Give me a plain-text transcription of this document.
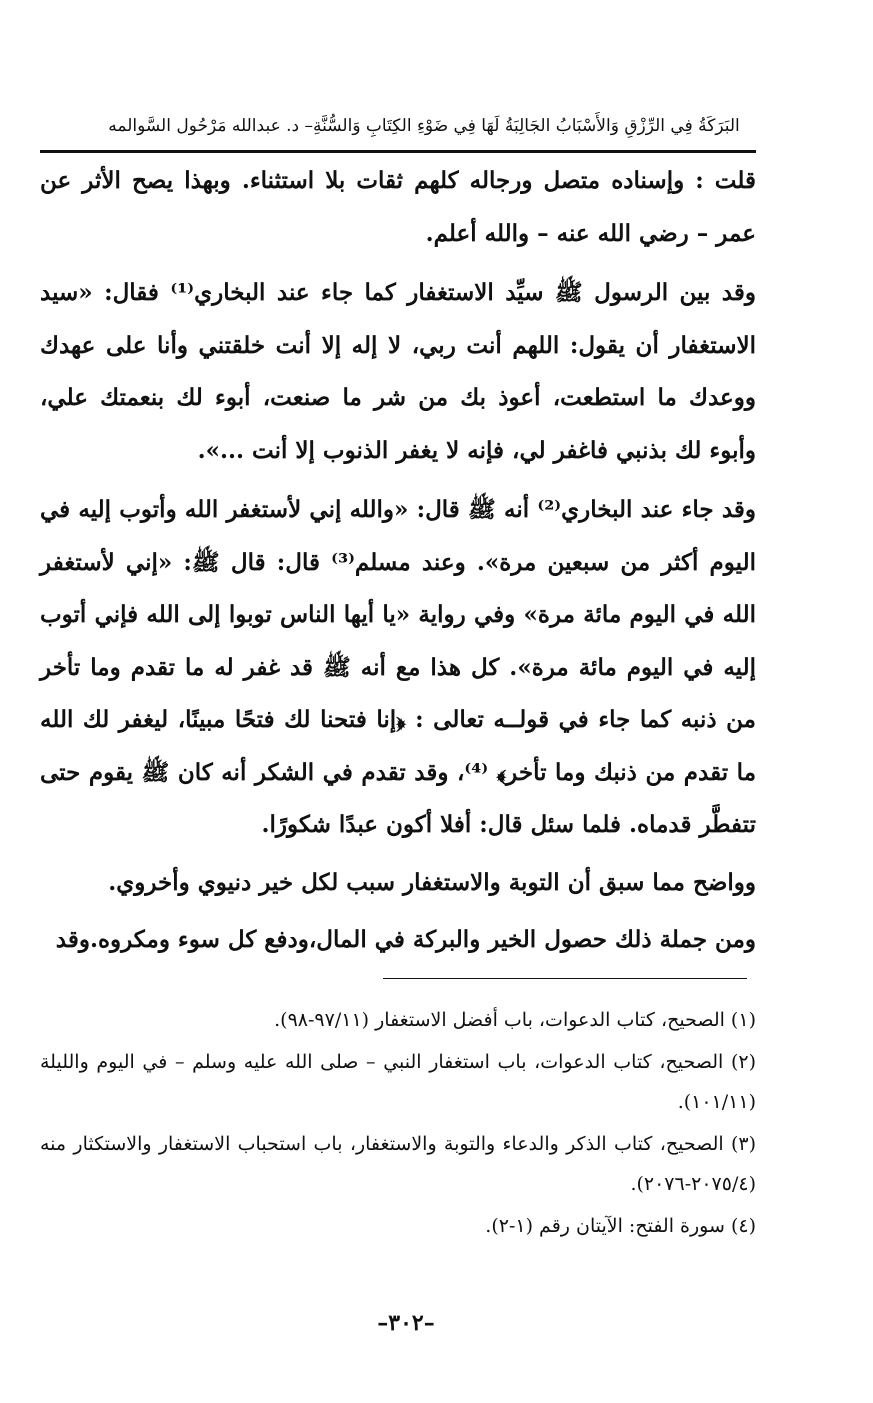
البَرَكَةُ فِي الرِّزْقِ وَالأَسْبَابُ الجَالِبَةُ لَهَا فِي ضَوْءِ الكِتَابِ وَالسُّنَّةِ– د. عبدالله مَرْحُول السَّوالمه

قلت : وإسناده متصل ورجاله كلهم ثقات بلا استثناء. وبهذا يصح الأثر عن عمر – رضي الله عنه – والله أعلم.

وقد بين الرسول ﷺ سيِّد الاستغفار كما جاء عند البخاري⁽¹⁾ فقال: «سيد الاستغفار أن يقول: اللهم أنت ربي، لا إله إلا أنت خلقتني وأنا على عهدك ووعدك ما استطعت، أعوذ بك من شر ما صنعت، أبوء لك بنعمتك علي، وأبوء لك بذنبي فاغفر لي، فإنه لا يغفر الذنوب إلا أنت ...».

وقد جاء عند البخاري⁽²⁾ أنه ﷺ قال: «والله إني لأستغفر الله وأتوب إليه في اليوم أكثر من سبعين مرة». وعند مسلم⁽³⁾ قال: قال ﷺ: «إني لأستغفر الله في اليوم مائة مرة» وفي رواية «يا أيها الناس توبوا إلى الله فإني أتوب إليه في اليوم مائة مرة». كل هذا مع أنه ﷺ قد غفر له ما تقدم وما تأخر من ذنبه كما جاء في قولــه تعالى : ﴿إنا فتحنا لك فتحًا مبينًا، ليغفر لك الله ما تقدم من ذنبك وما تأخر﴾ ⁽⁴⁾، وقد تقدم في الشكر أنه كان ﷺ يقوم حتى تتفطَّر قدماه. فلما سئل قال: أفلا أكون عبدًا شكورًا.

وواضح مما سبق أن التوبة والاستغفار سبب لكل خير دنيوي وأخروي.

ومن جملة ذلك حصول الخير والبركة في المال،ودفع كل سوء ومكروه.وقد

(١) الصحيح، كتاب الدعوات، باب أفضل الاستغفار (٩٧/١١-٩٨).

(٢) الصحيح، كتاب الدعوات، باب استغفار النبي – صلى الله عليه وسلم – في اليوم والليلة (١٠١/١١).

(٣) الصحيح، كتاب الذكر والدعاء والتوبة والاستغفار، باب استحباب الاستغفار والاستكثار منه (٢٠٧٥/٤-٢٠٧٦).

(٤) سورة الفتح: الآيتان رقم (١-٢).

–٣٠٢–
